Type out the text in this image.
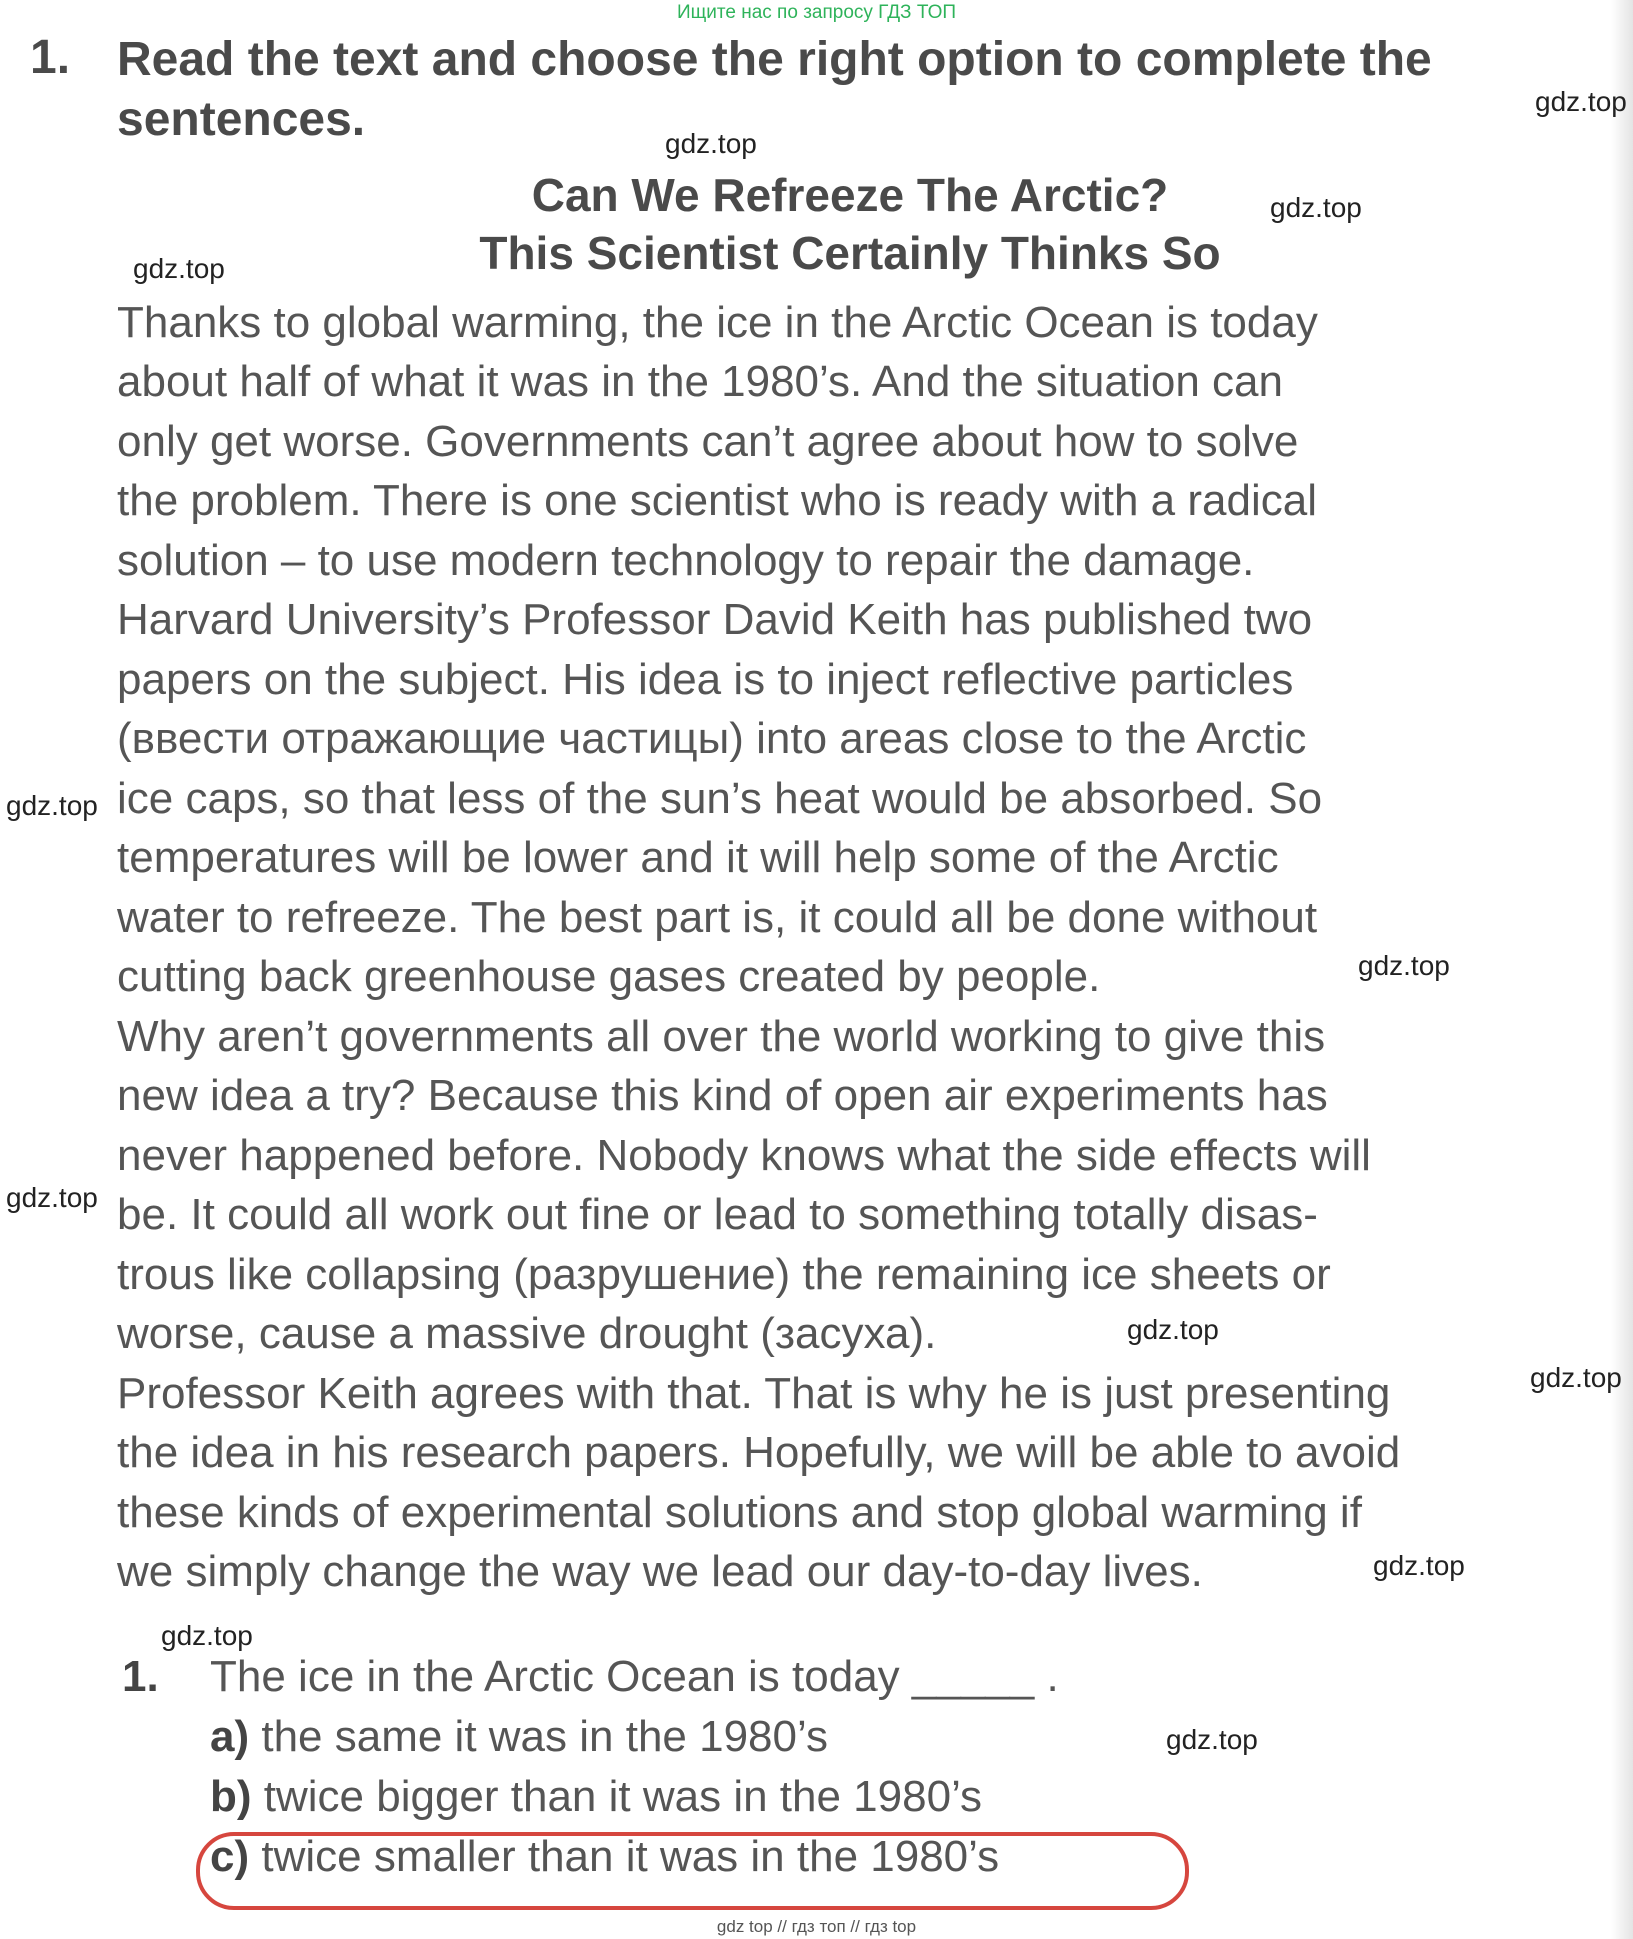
Ищите нас по запросу ГДЗ ТОП
1. Read the text and choose the right option to complete the
sentences.
Can We Refreeze The Arctic?
This Scientist Certainly Thinks So
Thanks to global warming, the ice in the Arctic Ocean is today
about half of what it was in the 1980’s. And the situation can
only get worse. Governments can’t agree about how to solve
the problem. There is one scientist who is ready with a radical
solution – to use modern technology to repair the damage.
Harvard University’s Professor David Keith has published two
papers on the subject. His idea is to inject reflective particles
(ввести отражающие частицы) into areas close to the Arctic
ice caps, so that less of the sun’s heat would be absorbed. So
temperatures will be lower and it will help some of the Arctic
water to refreeze. The best part is, it could all be done without
cutting back greenhouse gases created by people.
Why aren’t governments all over the world working to give this
new idea a try? Because this kind of open air experiments has
never happened before. Nobody knows what the side effects will
be. It could all work out fine or lead to something totally disas-
trous like collapsing (разрушение) the remaining ice sheets or
worse, cause a massive drought (засуха).
Professor Keith agrees with that. That is why he is just presenting
the idea in his research papers. Hopefully, we will be able to avoid
these kinds of experimental solutions and stop global warming if
we simply change the way we lead our day-to-day lives.
1. The ice in the Arctic Ocean is today _____ .
a) the same it was in the 1980’s
b) twice bigger than it was in the 1980’s
c) twice smaller than it was in the 1980’s
gdz.top
gdz.top
gdz.top
gdz.top
gdz.top
gdz.top
gdz.top
gdz.top
gdz.top
gdz.top
gdz.top
gdz.top
gdz top // гдз топ // гдз top
